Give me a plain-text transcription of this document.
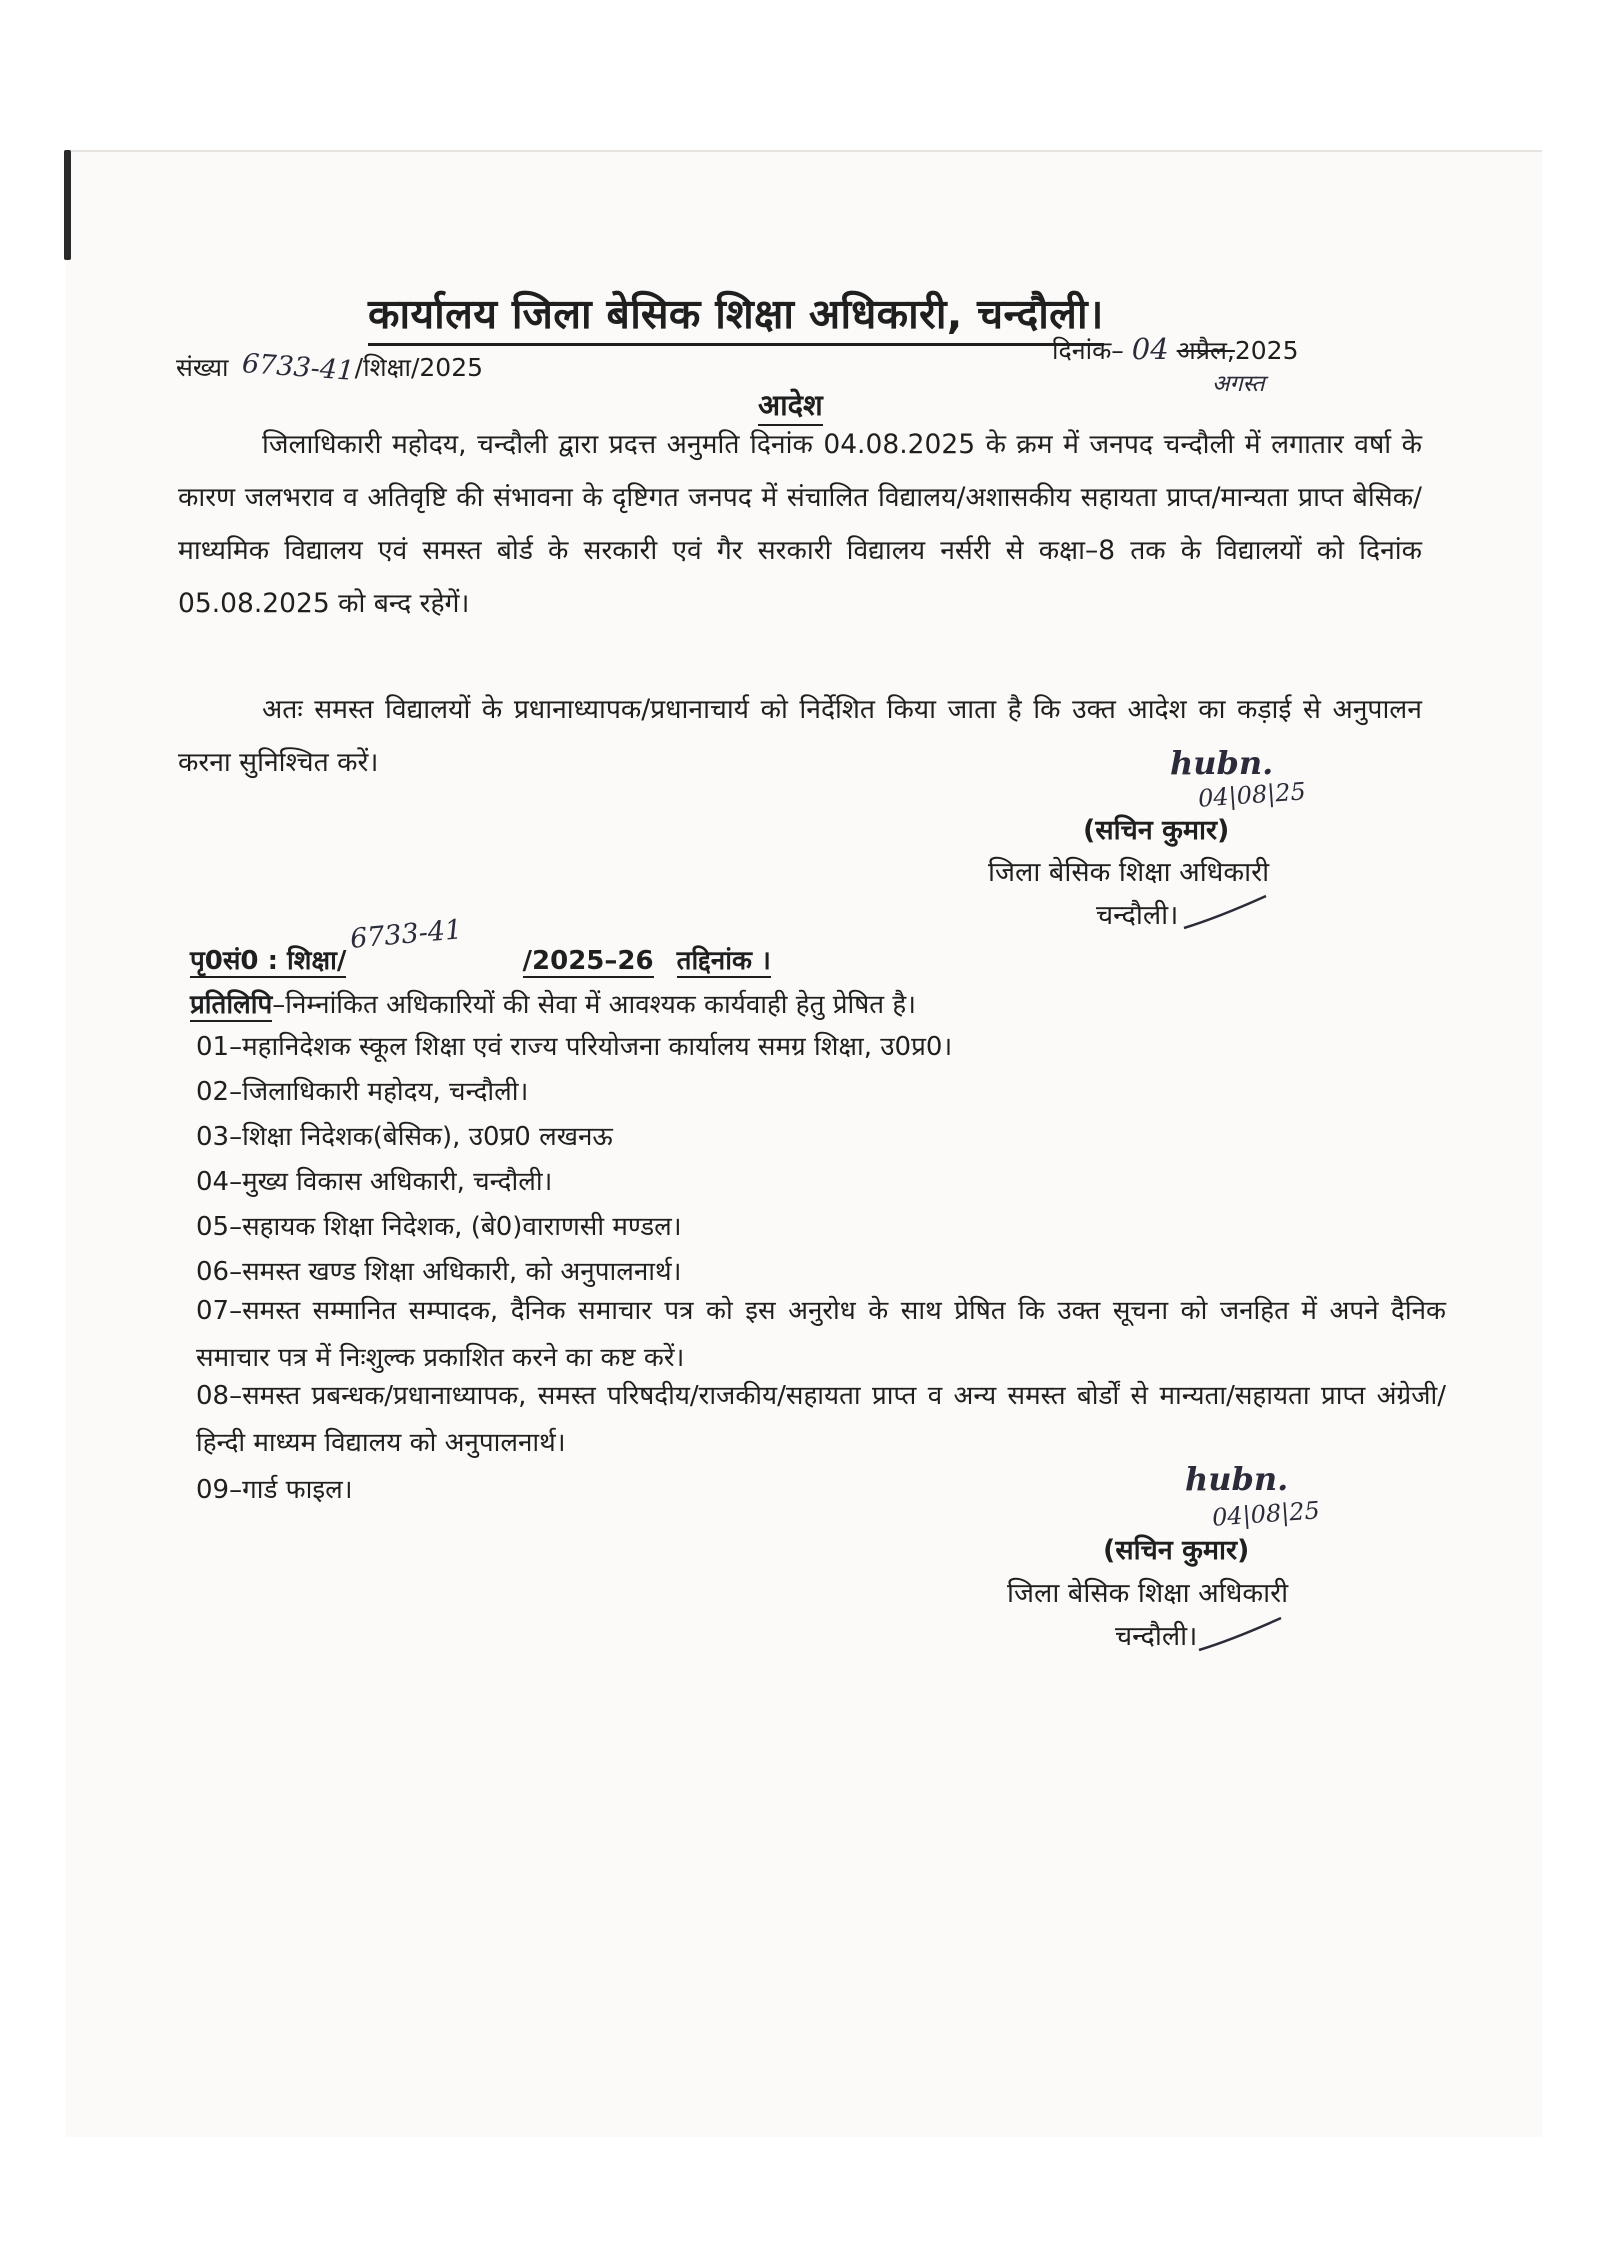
कार्यालय जिला बेसिक शिक्षा अधिकारी, चन्दौली।
संख्या 6733-41/शिक्षा/2025
दिनांक– 04 अप्रैल,2025
अगस्त
आदेश
जिलाधिकारी महोदय, चन्दौली द्वारा प्रदत्त अनुमति दिनांक 04.08.2025 के क्रम में जनपद चन्दौली में लगातार वर्षा के कारण जलभराव व अतिवृष्टि की संभावना के दृष्टिगत जनपद में संचालित विद्यालय/अशासकीय सहायता प्राप्त/मान्यता प्राप्त बेसिक/माध्यमिक विद्यालय एवं समस्त बोर्ड के सरकारी एवं गैर सरकारी विद्यालय नर्सरी से कक्षा–8 तक के विद्यालयों को दिनांक 05.08.2025 को बन्द रहेगें।
अतः समस्त विद्यालयों के प्रधानाध्यापक/प्रधानाचार्य को निर्देशित किया जाता है कि उक्त आदेश का कड़ाई से अनुपालन करना सुनिश्चित करें।	hubn.
04|08|25
(सचिन कुमार)
जिला बेसिक शिक्षा अधिकारी
चन्दौली।
पृ0सं0 : शिक्षा/6733-41/2025–26 तद्दिनांक ।
प्रतिलिपि–निम्नांकित अधिकारियों की सेवा में आवश्यक कार्यवाही हेतु प्रेषित है।
01–महानिदेशक स्कूल शिक्षा एवं राज्य परियोजना कार्यालय समग्र शिक्षा, उ0प्र0।
02–जिलाधिकारी महोदय, चन्दौली।
03–शिक्षा निदेशक(बेसिक), उ0प्र0 लखनऊ
04–मुख्य विकास अधिकारी, चन्दौली।
05–सहायक शिक्षा निदेशक, (बे0)वाराणसी मण्डल।
06–समस्त खण्ड शिक्षा अधिकारी, को अनुपालनार्थ।
07–समस्त सम्मानित सम्पादक, दैनिक समाचार पत्र को इस अनुरोध के साथ प्रेषित कि उक्त सूचना को जनहित में अपने दैनिक समाचार पत्र में निःशुल्क प्रकाशित करने का कष्ट करें।
08–समस्त प्रबन्धक/प्रधानाध्यापक, समस्त परिषदीय/राजकीय/सहायता प्राप्त व अन्य समस्त बोर्डों से मान्यता/सहायता प्राप्त अंग्रेजी/हिन्दी माध्यम विद्यालय को अनुपालनार्थ।
09–गार्ड फाइल।	hubn.
04|08|25
(सचिन कुमार)
जिला बेसिक शिक्षा अधिकारी
चन्दौली।
